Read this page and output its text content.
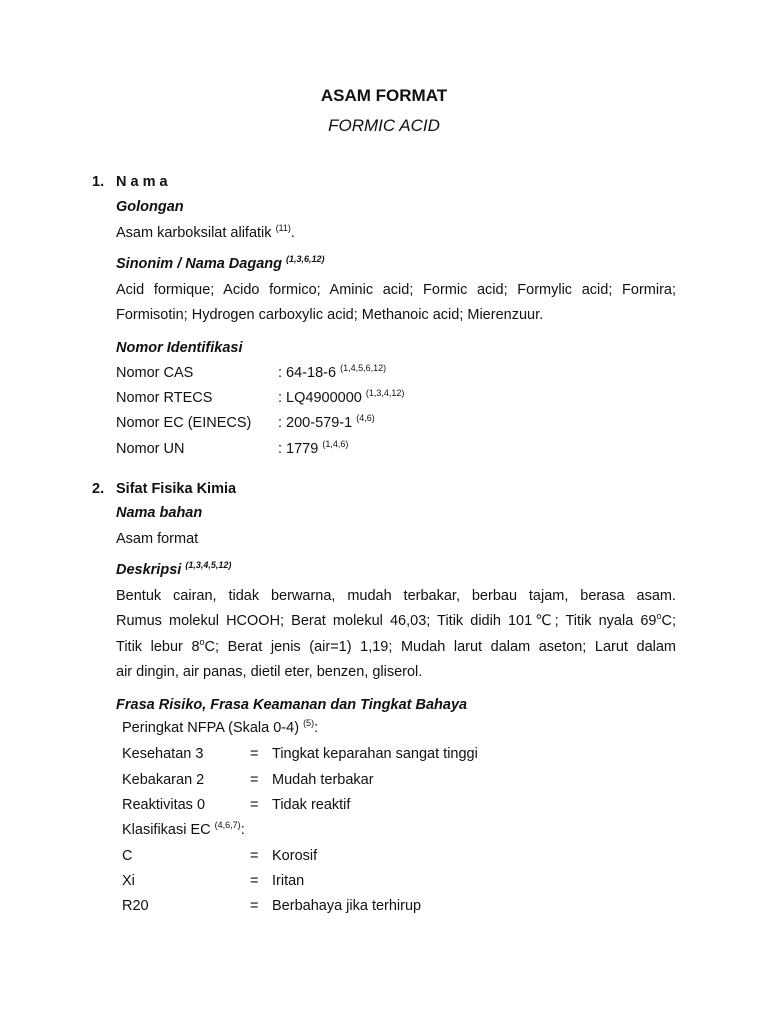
ASAM FORMAT
FORMIC ACID
1. N a m a
Golongan
Asam karboksilat alifatik $^{(11)}$.
Sinonim / Nama Dagang $^{(1,3,6,12)}$
Acid formique; Acido formico; Aminic acid; Formic acid; Formylic acid; Formira;
Formisotin; Hydrogen carboxylic acid; Methanoic acid; Mierenzuur.
Nomor Identifikasi
Nomor CAS	: 64-18-6 $^{(1,4,5,6,12)}$
Nomor RTECS	: LQ4900000 $^{(1,3,4,12)}$
Nomor EC (EINECS) : 200-579-1 $^{(4,6)}$
Nomor UN	: 1779 $^{(1,4,6)}$
2. Sifat Fisika Kimia
Nama bahan
Asam format
Deskripsi $^{(1,3,4,5,12)}$
Bentuk cairan, tidak berwarna, mudah terbakar, berbau tajam, berasa asam.
Rumus molekul HCOOH; Berat molekul 46,03; Titik didih 101℃; Titik nyala 69$^o$C;
Titik lebur 8$^o$C; Berat jenis (air=1) 1,19; Mudah larut dalam aseton; Larut dalam
air dingin, air panas, dietil eter, benzen, gliserol.
Frasa Risiko, Frasa Keamanan dan Tingkat Bahaya
Peringkat NFPA (Skala 0-4) $^{(5)}$:
Kesehatan 3	= Tingkat keparahan sangat tinggi
Kebakaran 2	= Mudah terbakar
Reaktivitas 0	= Tidak reaktif
Klasifikasi EC $^{(4,6,7)}$:
C	= Korosif
Xi	= Iritan
R20	= Berbahaya jika terhirup
